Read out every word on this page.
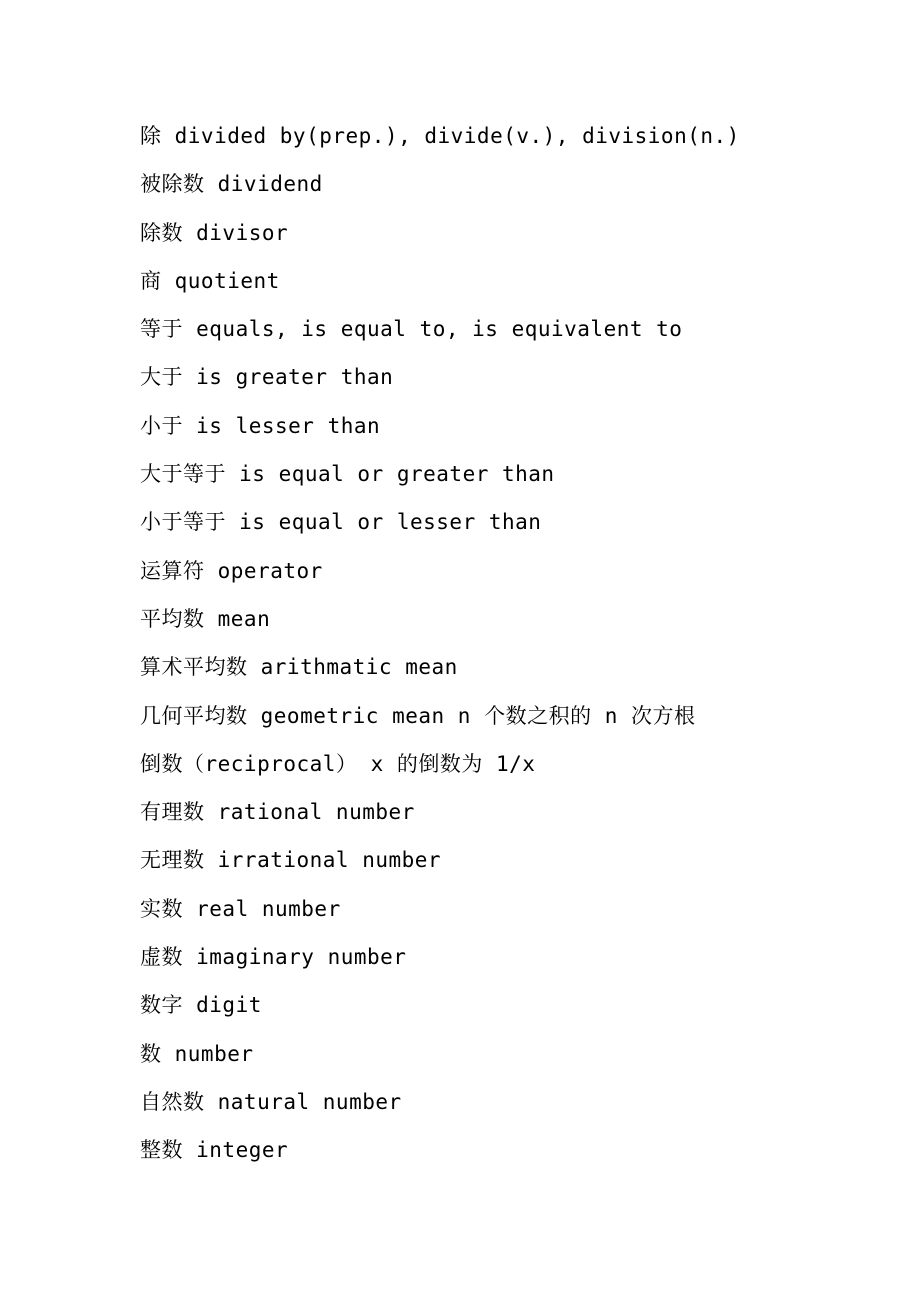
除 divided by(prep.), divide(v.), division(n.)
被除数 dividend
除数 divisor
商 quotient
等于 equals, is equal to, is equivalent to
大于 is greater than
小于 is lesser than
大于等于 is equal or greater than
小于等于 is equal or lesser than
运算符 operator
平均数 mean
算术平均数 arithmatic mean
几何平均数 geometric mean n 个数之积的 n 次方根
倒数（reciprocal） x 的倒数为 1/x
有理数 rational number
无理数 irrational number
实数 real number
虚数 imaginary number
数字 digit
数 number
自然数 natural number
整数 integer
